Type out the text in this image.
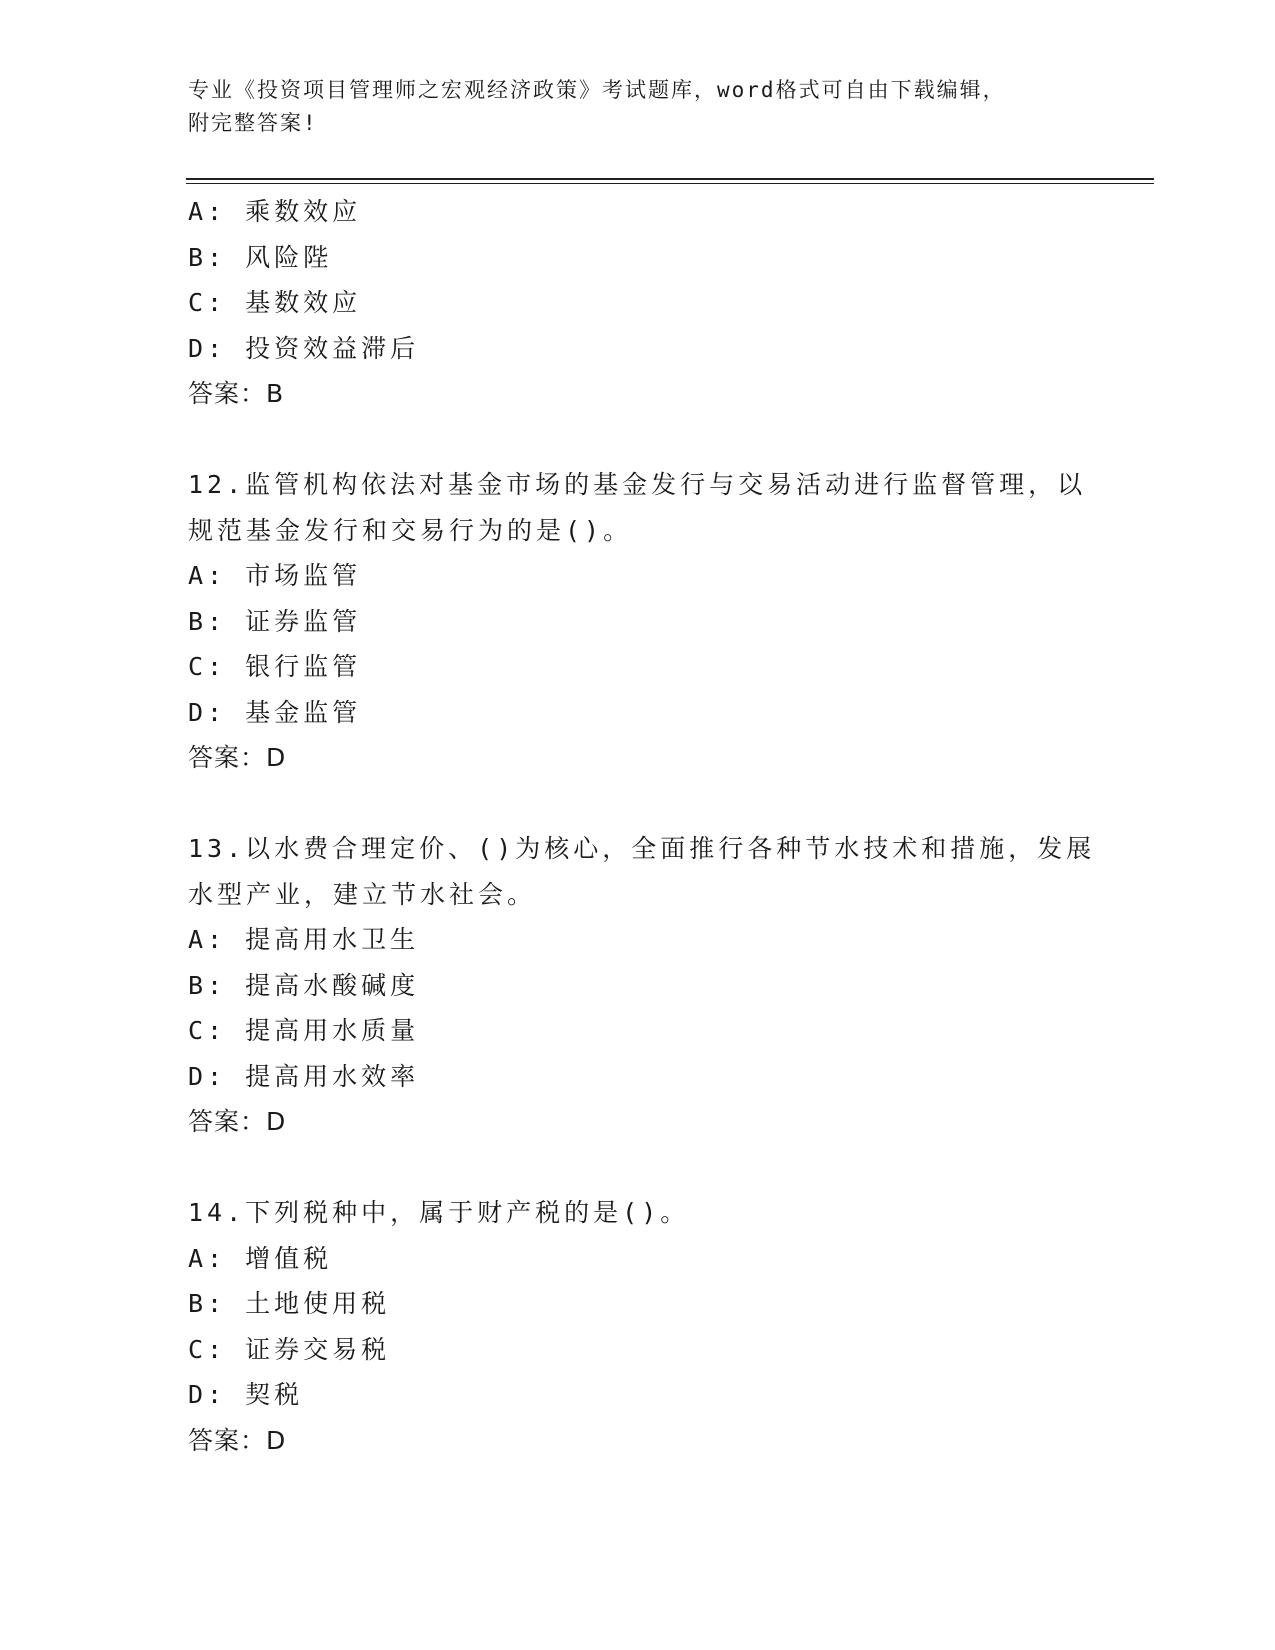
专业《投资项目管理师之宏观经济政策》考试题库，word格式可自由下载编辑，
附完整答案!
A: 乘数效应
B: 风险陛
C: 基数效应
D: 投资效益滞后
答案：B
12.监管机构依法对基金市场的基金发行与交易活动进行监督管理，以
规范基金发行和交易行为的是()。
A: 市场监管
B: 证券监管
C: 银行监管
D: 基金监管
答案：D
13.以水费合理定价、()为核心，全面推行各种节水技术和措施，发展
水型产业，建立节水社会。
A: 提高用水卫生
B: 提高水酸碱度
C: 提高用水质量
D: 提高用水效率
答案：D
14.下列税种中，属于财产税的是()。
A: 增值税
B: 土地使用税
C: 证券交易税
D: 契税
答案：D
